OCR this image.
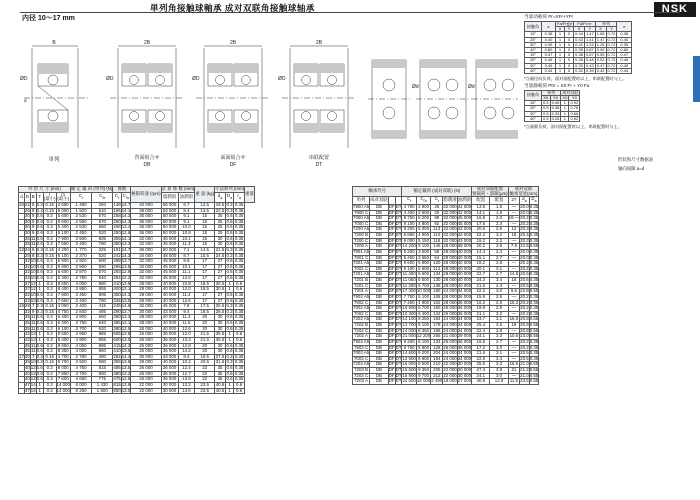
単列角接触球軸承 成对双联角接触球轴承
内径 10～17 mm
NSK
B
d
ØD
単列
2B
ØD
背面組合せ
DB
2B
ØD
面面組合せ
DF
2B
ØD
串联配置
DT
Ød	Ød
当量动载荷 Pr=XFr+YFr
接触角	e	Fa/Fr≦e		Fa/Fr>e		単列		e
		X	Y	X	Y	X	Y	
15°	0.38	1	0	0.44	1.47	1.65	0.72	0.38
25°	0.40	1	0	0.43	1.41	1.47	0.72	0.40
30°	0.39	1	0	0.41	1.24	1.26	0.72	0.39
40°	0.80	1	0	0.35	0.87	0.92	0.72	0.80
15°	0.47	1	0	0.38	0.57	0.59	0.72	0.47
25°	0.46	1	0	0.35	0.48	0.52	0.72	0.46
30°	0.45	1	0	0.33	0.43	0.47	0.72	0.45
40°	0.44	1	0	0.31	0.39	0.42	0.72	0.44
*当量径向负荷，面对面配置时以上，串联配置时与上。
当量静载荷 P0r = X0 Fr + Y0 Fa
接触角	単列		成对双联	
	X0	Y0	X0	Y0
15°	0.5	0.46	1	0.92
25°	0.5	0.38	1	0.76
30°	0.5	0.33	1	0.66
40°	0.5	0.26	1	0.52
*当量静负荷，面对面配置时以上，串联配置时与上。
形状和尺寸数据表
轴向间隙 a=d
外 形 尺 寸 (mm)						額 定 載 荷 (単列) (N)		係数		極限转速 (rpm)	計 算 係 数 (mm)		重 量 (kg)	寸法系列 (mm)			重量
d	D	B	T	r
(最小)	r1
(最小)	$C_r$	$C_{0r}$	$C_r$	$C_{0r}$		脂潤滑	油潤滑		$d_a$	$D_a$	$r_a$
10	22	6	0.3	0.15	2 690	1 480	294	148	14.7	40 000	56 000	6.7	12.5	19.5	0.3	0.35	
	26	8	0.3	0.15	5 000	1 920	510	196	14.1	38 000	53 000	8.4	13.5	22.5	0.3	0.35	
	30	9	0.6	0.3	5 600	2 530	570	258	14.3	36 000	50 000	9.1	15	25	0.6	0.35	
	30	9	0.6	0.3	5 600	2 550	570	260	14.3	36 000	50 000	9.1	15	25	0.6	0.35	
	30	9	0.6	0.3	5 400	2 530	550	258	13.4	36 000	50 000	10.0	15	25	0.6	0.35	
	30	9	0.6	0.3	5 100	2 450	520	250	12.6	36 000	50 000	10.9	15	25	0.6	0.35	
	35	11	0.6	0.3	7 900	3 500	805	355	14.1	32 000	45 000	10.1	15	30	0.6	0.35	
	35	11	0.6	0.3	7 650	3 450	780	350	13.3	32 000	45 000	11.3	15	30	0.6	0.35	
12	24	6	0.3	0.15	3 200	1 770	325	181	14.7	36 000	50 000	7.1	14.5	21.5	0.3	0.35	
	28	8	0.3	0.15	5 100	2 370	520	242	14.3	34 000	48 000	8.7	15.5	24.5	0.3	0.35	
	32	10	0.6	0.3	5 900	2 920	600	298	13.7	32 000	45 000	9.9	17	27	0.6	0.35	
	32	10	0.6	0.3	5 800	2 900	590	296	13.5	32 000	45 000	10.1	17	27	0.6	0.35	
	32	10	0.6	0.3	5 600	2 870	570	293	12.9	32 000	45 000	11.1	17	27	0.6	0.35	
	32	10	0.6	0.3	5 300	2 780	540	284	12.2	32 000	45 000	12.0	17	27	0.6	0.35	
	37	12	1	0.3	8 650	4 000	880	410	13.9	28 000	40 000	10.8	18.5	30.5	1	0.6	
	37	12	1	0.3	8 400	3 950	855	400	13.1	28 000	40 000	12.0	18.5	30.5	1	0.6	
	32	10	0.6	0.3	7 900	3 450	805	350	14.3	28 000	40 000	11.4	17	27	0.6	0.35	
	32	10	0.6	0.3	7 650	3 400	780	345	13.5	28 000	40 000	12.6	17	27	0.6	0.35	
15	28	7	0.3	0.15	4 050	2 400	415	245	14.6	32 000	45 000	7.8	17.5	25.5	0.3	0.35	
	32	9	0.3	0.15	4 750	2 840	485	290	13.7	30 000	43 000	9.4	18.5	28.5	0.3	0.35	
	35	11	0.6	0.3	6 400	3 800	650	390	13.3	28 000	40 000	11.3	20	30	0.6	0.35	
	35	11	0.6	0.3	6 300	3 750	640	385	13.1	28 000	40 000	11.5	20	30	0.6	0.35	
	35	11	0.6	0.3	6 100	3 700	620	380	12.5	28 000	40 000	12.6	20	30	0.6	0.35	
	42	13	1	0.3	8 650	4 950	885	505	13.8	26 000	36 000	12.0	21.5	35.5	1	0.6	
	42	13	1	0.3	8 400	4 900	855	500	13.0	26 000	36 000	13.3	21.5	35.5	1	0.6	
	35	11	0.6	0.3	8 650	4 050	885	415	14.3	26 000	36 000	12.8	20	30	0.6	0.35	
	35	11	0.6	0.3	8 350	4 000	850	410	13.5	26 000	36 000	14.2	20	30	0.6	0.35	
17	30	7	0.3	0.15	4 700	2 780	480	284	14.4	30 000	43 000	8.4	19.5	27.5	0.3	0.35	
	35	10	0.3	0.15	5 700	3 500	580	355	13.8	28 000	40 000	10.2	20.5	31.5	0.3	0.35	
	40	12	0.6	0.3	8 000	4 750	815	485	13.5	26 000	36 000	12.4	22	35	0.6	0.35	
	40	12	0.6	0.3	7 850	4 700	800	480	13.2	26 000	36 000	12.7	22	35	0.6	0.35	
	40	12	0.6	0.3	7 600	4 650	775	475	12.6	26 000	36 000	13.9	22	35	0.6	0.35	
	47	14	1	0.3	14 000	8 000	1 430	815	13.9	22 000	30 000	13.2	23.5	40.5	1	0.6	
	47	14	1	0.3	14 000	8 250	1 500	850	13.0	22 000	30 000	14.6	23.5	40.5	1	0.6	
軸承代号				額定載荷 (成对双联) (N)					成对双联配置
预载荷・游隙(μm)		成对双联
軸承宽度(mm)		
単列	成对双联			$C_r$	$C_{0r}$	$C_r$	脂潤滑	油潤滑	配置	配置	2T	$d_a$	$D_a$
7900 A5	DB	DF	DT	4 700	2 900	26	32 000	42 000	13.5	1.5	—	20.0	0.35
7900 C	DB	DF	DT	4 400	2 600	25	32 000	42 000	14.1	1.8	—	20.0	0.35
7000 A5	DB	DF	DT	8 750	5 200	98	32 000	45 000	16.9	2.0	18.—	20.2	0.35
7000 C	DB	DF	DT	8 100	4 800	92	32 000	45 000	17.5	2.4	—	20.2	0.35
7200 A5	DB	DF	DT	9 200	5 000	113	32 000	43 000	20.5	2.6	12	20.3	0.35
7200 B	DB	DF	DT	8 850	4 900	110	32 000	43 000	22.2	3.2	18	20.4	0.35
7200 C	DB	DF	DT	9 000	5 150	118	32 000	43 000	19.2	2.2	—	20.3	0.35
7200 A	DB	DF	DT	14 200	8 100	145	28 000	38 000	20.2	2.9	7.9	22.5	0.55
7901 A5	DB	DF	DT	5 200	3 500	58	28 000	40 000	14.4	2.4	—	20.0	0.35
7901 C	DB	DF	DT	5 450	3 650	64	28 000	40 000	15.1	2.7	—	20.0	0.35
7001 A5	DB	DF	DT	9 600	5 800	120	28 000	40 000	19.2	2.8	—	20.2	0.35
7001 C	DB	DF	DT	9 100	5 600	112	28 000	40 000	20.1	3.1	—	20.2	0.35
7201 A5	DB	DF	DT	11 400	6 600	134	28 000	40 000	22.7	2.7	14.5	20.5	0.35
7201 B	DB	DF	DT	11 050	6 500	130	28 000	40 000	24.3	3.4	18	20.6	0.35
7201 C	DB	DF	DT	11 200	6 700	136	28 000	40 000	21.5	2.4	—	20.5	0.35
7201 A	DB	DF	DT	17 300	10 000	180	24 000	34 000	22.2	3.0	9.6	22.8	0.55
7902 A5	DB	DF	DT	7 750	5 100	108	28 000	36 000	15.6	2.6	—	20.2	0.35
7902 C	DB	DF	DT	7 400	4 900	102	28 000	36 000	16.2	2.9	16.2	20.2	0.35
7002 A5	DB	DF	DT	10 900	6 700	150	26 000	36 000	19.9	2.9	—	20.2	0.35
7002 C	DB	DF	DT	10 300	6 400	142	26 000	36 000	21.1	3.2	—	20.2	0.35
7202 A5	DB	DF	DT	14 100	8 250	184	24 000	34 000	23.7	3.1	15.0	20.8	0.55
7202 B	DB	DF	DT	13 700	8 100	178	24 000	34 000	25.4	3.6	19	20.9	0.55
7202 C	DB	DF	DT	14 000	8 350	186	24 000	34 000	22.4	2.8	—	20.8	0.55
7202 A	DB	DF	DT	21 000	12 200	255	21 000	29 000	24.1	3.3	10.6	23.0	0.55
7903 A5	DB	DF	DT	9 200	6 100	134	26 000	36 000	16.5	2.7	—	20.2	0.35
7903 C	DB	DF	DT	8 750	5 800	128	26 000	36 000	17.2	3.0	—	20.2	0.35
7003 A5	DB	DF	DT	14 600	9 200	204	24 000	34 000	21.6	3.1	—	20.5	0.35
7003 C	DB	DF	DT	13 900	8 900	194	24 000	34 000	22.8	3.4	—	20.5	0.35
7203 A5	DB	DF	DT	16 000	9 500	210	22 000	30 000	25.5	3.3	16.6	21.0	0.55
7203 B	DB	DF	DT	15 500	9 350	205	22 000	30 000	27.3	3.9	21	21.2	0.55
7203 C	DB	DF	DT	15 900	9 700	212	22 000	30 000	24.1	3.0	—	21.0	0.55
7203 A	DB	DF	DT	24 600	16 000	2 490	19 000	27 000	40.9	12.9	11.5	23.5	0.55
